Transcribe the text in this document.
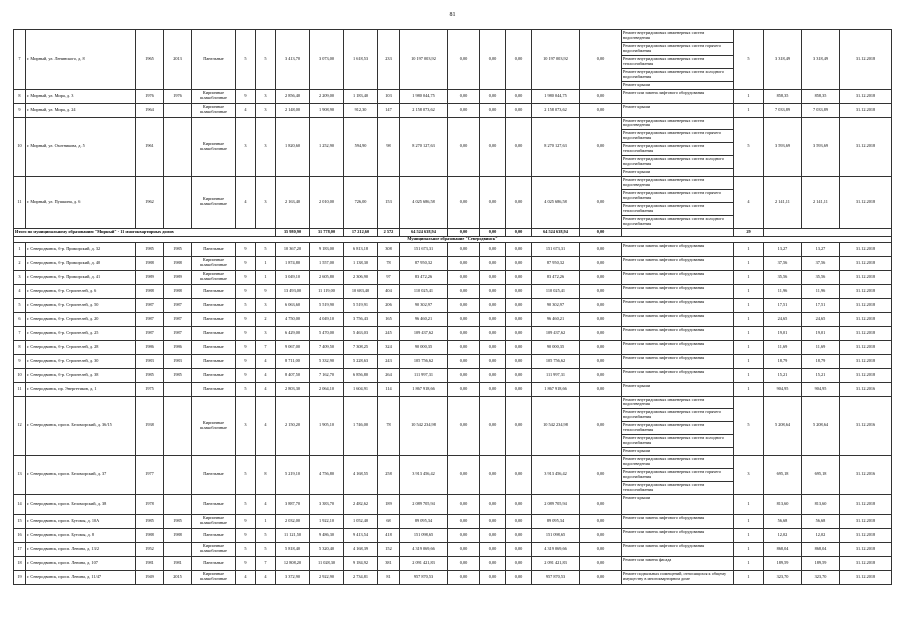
81
7	г. Мирный, ул. Ленинского, д. 8	1965	2013	Панельные	5	5	3 413,70	3 073,00	1 618,53	233	10 197 003,92	0,00	0,00	0,00	10 197 003,92	0,00	Ремонт внутридомовых инженерных систем водоотведения
Ремонт внутридомовых инженерных систем горячего водоснабжения
Ремонт внутридомовых инженерных систем теплоснабжения
Ремонт внутридомовых инженерных систем холодного водоснабжения
Ремонт крыши	5	3 318,49	3 318,49	31.12.2018
8	г. Мирный, ул. Мира, д. 3	1976	1976	Кирпичные шлакоблочные	9	3	2 856,40	2 209,00	1 183,40	103	1 980 044,75	0,00	0,00	0,00	1 980 044,75	0,00	Ремонт или замена лифтового оборудования	1	858,35	858,35	31.12.2018
9	г. Мирный, ул. Мира, д. 24	1964		Кирпичные шлакоблочные	4	3	2 148,00	1 908,90	912,30	147	2 158 073,62	0,00	0,00	0,00	2 158 073,62	0,00	Ремонт крыши	1	7 033,89	7 033,89	31.12.2018
10	г. Мирный, ул. Охотникова, д. 5	1961		Кирпичные шлакоблочные	3	3	1 820,60	1 252,90	594,90	98	8 270 127,63	0,00	0,00	0,00	8 270 127,63	0,00	Ремонт внутридомовых инженерных систем водоотведения
Ремонт внутридомовых инженерных систем горячего водоснабжения
Ремонт внутридомовых инженерных систем теплоснабжения
Ремонт внутридомовых инженерных систем холодного водоснабжения
Ремонт крыши	5	3 593,69	3 593,69	31.12.2018
11	г. Мирный, ул. Пушкина, д. 6	1962		Кирпичные шлакоблочные	4	3	2 163,40	2 010,00	726,00	153	4 025 686,58	0,00	0,00	0,00	4 025 686,58	0,00	Ремонт внутридомовых инженерных систем водоотведения
Ремонт внутридомовых инженерных систем горячего водоснабжения
Ремонт внутридомовых инженерных систем теплоснабжения
Ремонт внутридомовых инженерных систем холодного водоснабжения	4	2 141,11	2 141,11	31.12.2018
Итого по муниципальному образованию "Мирный" - 11 многоквартирных домов							35 980,90	31 778,00	17 212,60	2 572	64 524 638,94	0,00	0,00	0,00	64 524 638,94	0,00		29			
Муниципальное образование "Северодвинск"																					
1	г. Северодвинск, б-р. Приморский, д. 32	1985	1985	Панельные	9	5	10 367,20	9 183,00	6 813,18	308	151 673,31	0,00	0,00	0,00	151 673,31	0,00	Ремонт или замена лифтового оборудования	1	13,27	13,27	31.12.2018
2	г. Северодвинск, б-р. Приморский, д. 40	1988	1988	Кирпичные шлакоблочные	9	1	1 874,80	1 557,00	1 138,30	78	87 950,32	0,00	0,00	0,00	87 950,32	0,00	Ремонт или замена лифтового оборудования	1	37,56	37,56	31.12.2018
3	г. Северодвинск, б-р. Приморский, д. 41	1989	1989	Кирпичные шлакоблочные	9	1	3 049,10	2 605,80	2 306,90	97	83 472,26	0,00	0,00	0,00	83 472,26	0,00	Ремонт или замена лифтового оборудования	1	35,56	35,56	31.12.2018
4	г. Северодвинск, б-р. Строителей, д. 6	1988	1988	Панельные	9	9	13 493,00	11 119,00	10 683,40	404	110 025,41	0,00	0,00	0,00	110 025,41	0,00	Ремонт или замена лифтового оборудования	1	11,96	11,96	31.12.2018
5	г. Северодвинск, б-р. Строителей, д. 50	1987	1987	Панельные	5	3	6 063,60	5 519,90	5 519,91	206	90 302,97	0,00	0,00	0,00	90 302,97	0,00	Ремонт или замена лифтового оборудования	1	17,51	17,51	31.12.2018
6	г. Северодвинск, б-р. Строителей, д. 20	1987	1987	Панельные	9	2	4 750,00	4 049,10	3 756,43	165	96 460,21	0,00	0,00	0,00	96 460,21	0,00	Ремонт или замена лифтового оборудования	1	24,65	24,65	31.12.2018
7	г. Северодвинск, б-р. Строителей, д. 25	1987	1987	Панельные	9	3	6 429,00	5 470,00	5 463,03	245	109 437,62	0,00	0,00	0,00	109 437,62	0,00	Ремонт или замена лифтового оборудования	1	19,01	19,01	31.12.2018
8	г. Северодвинск, б-р. Строителей, д. 28	1986	1986	Панельные	9	7	9 067,00	7 409,50	7 308,25	324	90 000,35	0,00	0,00	0,00	90 000,35	0,00	Ремонт или замена лифтового оборудования	1	11,69	11,69	31.12.2018
9	г. Северодвинск, б-р. Строителей, д. 30	1983	1983	Панельные	9	4	8 711,00	5 332,90	5 228,63	243	105 756,62	0,00	0,00	0,00	105 756,62	0,00	Ремонт или замена лифтового оборудования	1	18,79	18,79	31.12.2018
10	г. Северодвинск, б-р. Строителей, д. 38	1985	1985	Панельные	9	4	8 407,50	7 162,70	6 856,80	264	111 997,31	0,00	0,00	0,00	111 997,31	0,00	Ремонт или замена лифтового оборудования	1	15,21	15,21	31.12.2018
11	г. Северодвинск, пр. Энергетиков, д. 1	1975		Панельные	5	4	2 803,30	2 064,10	1 604,91	114	1 867 918,66	0,00	0,00	0,00	1 867 918,66	0,00	Ремонт крыши	1	904,95	904,95	31.12.2016
12	г. Северодвинск, просп. Беломорский, д. 36/15	1938		Кирпичные шлакоблочные	3	4	2 150,20	1 905,10	1 746,00	78	10 542 234,98	0,00	0,00	0,00	10 542 234,98	0,00	Ремонт внутридомовых инженерных систем водоотведения
Ремонт внутридомовых инженерных систем горячего водоснабжения
Ремонт внутридомовых инженерных систем теплоснабжения
Ремонт внутридомовых инженерных систем холодного водоснабжения
Ремонт крыши	5	5 208,64	5 208,64	31.12.2016
13	г. Северодвинск, просп. Беломорский, д. 37	1977		Панельные	5	8	5 219,10	4 756,80	4 168,55	258	3 913 456,42	0,00	0,00	0,00	3 913 456,42	0,00	Ремонт внутридомовых инженерных систем водоотведения
Ремонт внутридомовых инженерных систем горячего водоснабжения
Ремонт внутридомовых инженерных систем теплоснабжения	3	695,18	695,18	31.12.2016
14	г. Северодвинск, просп. Беломорский, д. 38	1978		Панельные	5	4	3 887,70	3 383,70	2 482,62	189	2 089 705,94	0,00	0,00	0,00	2 089 705,94	0,00	Ремонт крыши	1	813,60	813,60	31.12.2018
15	г. Северодвинск, просп. Бутомы, д. 10А	1985	1985	Кирпичные шлакоблочные	9	1	2 032,00	1 922,10	1 052,40	68	89 095,34	0,00	0,00	0,00	89 095,34	0,00	Ремонт или замена лифтового оборудования	1	56,68	56,68	31.12.2018
16	г. Северодвинск, просп. Бутомы, д. 8	1988	1988	Панельные	9	5	11 121,50	9 486,30	9 413,54	418	151 098,65	0,00	0,00	0,00	151 098,65	0,00	Ремонт или замена лифтового оборудования	1	12,02	12,02	31.12.2018
17	г. Северодвинск, просп. Ленина, д. 13/2	1952		Кирпичные шлакоблочные	5	5	5 818,40	5 320,40	4 168,39	152	4 319 069,66	0,00	0,00	0,00	4 319 069,66	0,00	Ремонт или замена лифтового оборудования	1	868,04	868,04	31.12.2018
18	г. Северодвинск, просп. Ленина, д. 107	1981	1981	Панельные	9	7	12 808,20	11 028,30	9 184,92	381	2 091 421,83	0,00	0,00	0,00	2 091 421,83	0,00	Ремонт или замена фасада	1	189,59	189,59	31.12.2018
19	г. Северодвинск, просп. Ленина, д. 11/47	1949	2015	Кирпичные шлакоблочные	4	4	3 372,90	2 922,90	2 734,81	81	957 870,53	0,00	0,00	0,00	957 870,53	0,00	Ремонт подвальных помещений, относящихся к общему имуществу в многоквартирном доме	1	323,70	323,70	31.12.2018
